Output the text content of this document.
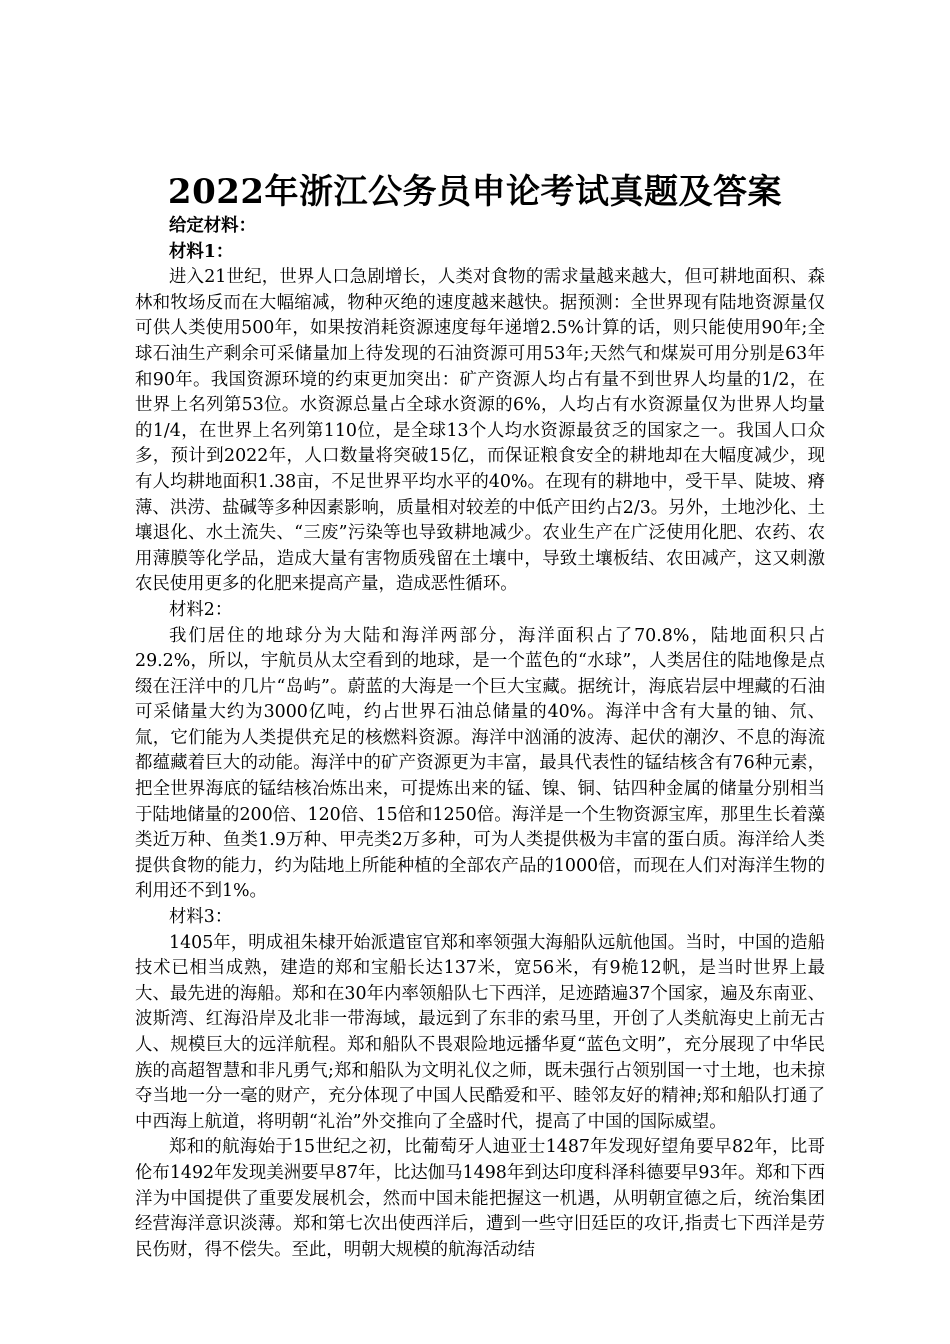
2022年浙江公务员申论考试真题及答案

给定材料：

材料1：

进入21世纪，世界人口急剧增长，人类对食物的需求量越来越大，但可耕地面积、森林和牧场反而在大幅缩减，物种灭绝的速度越来越快。据预测：全世界现有陆地资源量仅可供人类使用500年，如果按消耗资源速度每年递增2.5%计算的话，则只能使用90年;全球石油生产剩余可采储量加上待发现的石油资源可用53年;天然气和煤炭可用分别是63年和90年。我国资源环境的约束更加突出：矿产资源人均占有量不到世界人均量的1/2，在世界上名列第53位。水资源总量占全球水资源的6%，人均占有水资源量仅为世界人均量的1/4，在世界上名列第110位，是全球13个人均水资源最贫乏的国家之一。我国人口众多，预计到2022年，人口数量将突破15亿，而保证粮食安全的耕地却在大幅度减少，现有人均耕地面积1.38亩，不足世界平均水平的40%。在现有的耕地中，受干旱、陡坡、瘠薄、洪涝、盐碱等多种因素影响，质量相对较差的中低产田约占2/3。另外，土地沙化、土壤退化、水土流失、“三废”污染等也导致耕地减少。农业生产在广泛使用化肥、农药、农用薄膜等化学品，造成大量有害物质残留在土壤中，导致土壤板结、农田减产，这又刺激农民使用更多的化肥来提高产量，造成恶性循环。

材料2：

我们居住的地球分为大陆和海洋两部分，海洋面积占了70.8%，陆地面积只占29.2%，所以，宇航员从太空看到的地球，是一个蓝色的“水球”，人类居住的陆地像是点缀在汪洋中的几片“岛屿”。蔚蓝的大海是一个巨大宝藏。据统计，海底岩层中埋藏的石油可采储量大约为3000亿吨，约占世界石油总储量的40%。海洋中含有大量的铀、氘、氚，它们能为人类提供充足的核燃料资源。海洋中汹涌的波涛、起伏的潮汐、不息的海流都蕴藏着巨大的动能。海洋中的矿产资源更为丰富，最具代表性的锰结核含有76种元素，把全世界海底的锰结核冶炼出来，可提炼出来的锰、镍、铜、钴四种金属的储量分别相当于陆地储量的200倍、120倍、15倍和1250倍。海洋是一个生物资源宝库，那里生长着藻类近万种、鱼类1.9万种、甲壳类2万多种，可为人类提供极为丰富的蛋白质。海洋给人类提供食物的能力，约为陆地上所能种植的全部农产品的1000倍，而现在人们对海洋生物的利用还不到1%。

材料3：

1405年，明成祖朱棣开始派遣宦官郑和率领强大海船队远航他国。当时，中国的造船技术已相当成熟，建造的郑和宝船长达137米，宽56米，有9桅12帆，是当时世界上最大、最先进的海船。郑和在30年内率领船队七下西洋，足迹踏遍37个国家，遍及东南亚、波斯湾、红海沿岸及北非一带海域，最远到了东非的索马里，开创了人类航海史上前无古人、规模巨大的远洋航程。郑和船队不畏艰险地远播华夏“蓝色文明”，充分展现了中华民族的高超智慧和非凡勇气;郑和船队为文明礼仪之师，既未强行占领别国一寸土地，也未掠夺当地一分一毫的财产，充分体现了中国人民酷爱和平、睦邻友好的精神;郑和船队打通了中西海上航道，将明朝“礼治”外交推向了全盛时代，提高了中国的国际威望。

郑和的航海始于15世纪之初，比葡萄牙人迪亚士1487年发现好望角要早82年，比哥伦布1492年发现美洲要早87年，比达伽马1498年到达印度科泽科德要早93年。郑和下西洋为中国提供了重要发展机会，然而中国未能把握这一机遇，从明朝宣德之后，统治集团经营海洋意识淡薄。郑和第七次出使西洋后，遭到一些守旧廷臣的攻讦,指责七下西洋是劳民伤财，得不偿失。至此，明朝大规模的航海活动结
